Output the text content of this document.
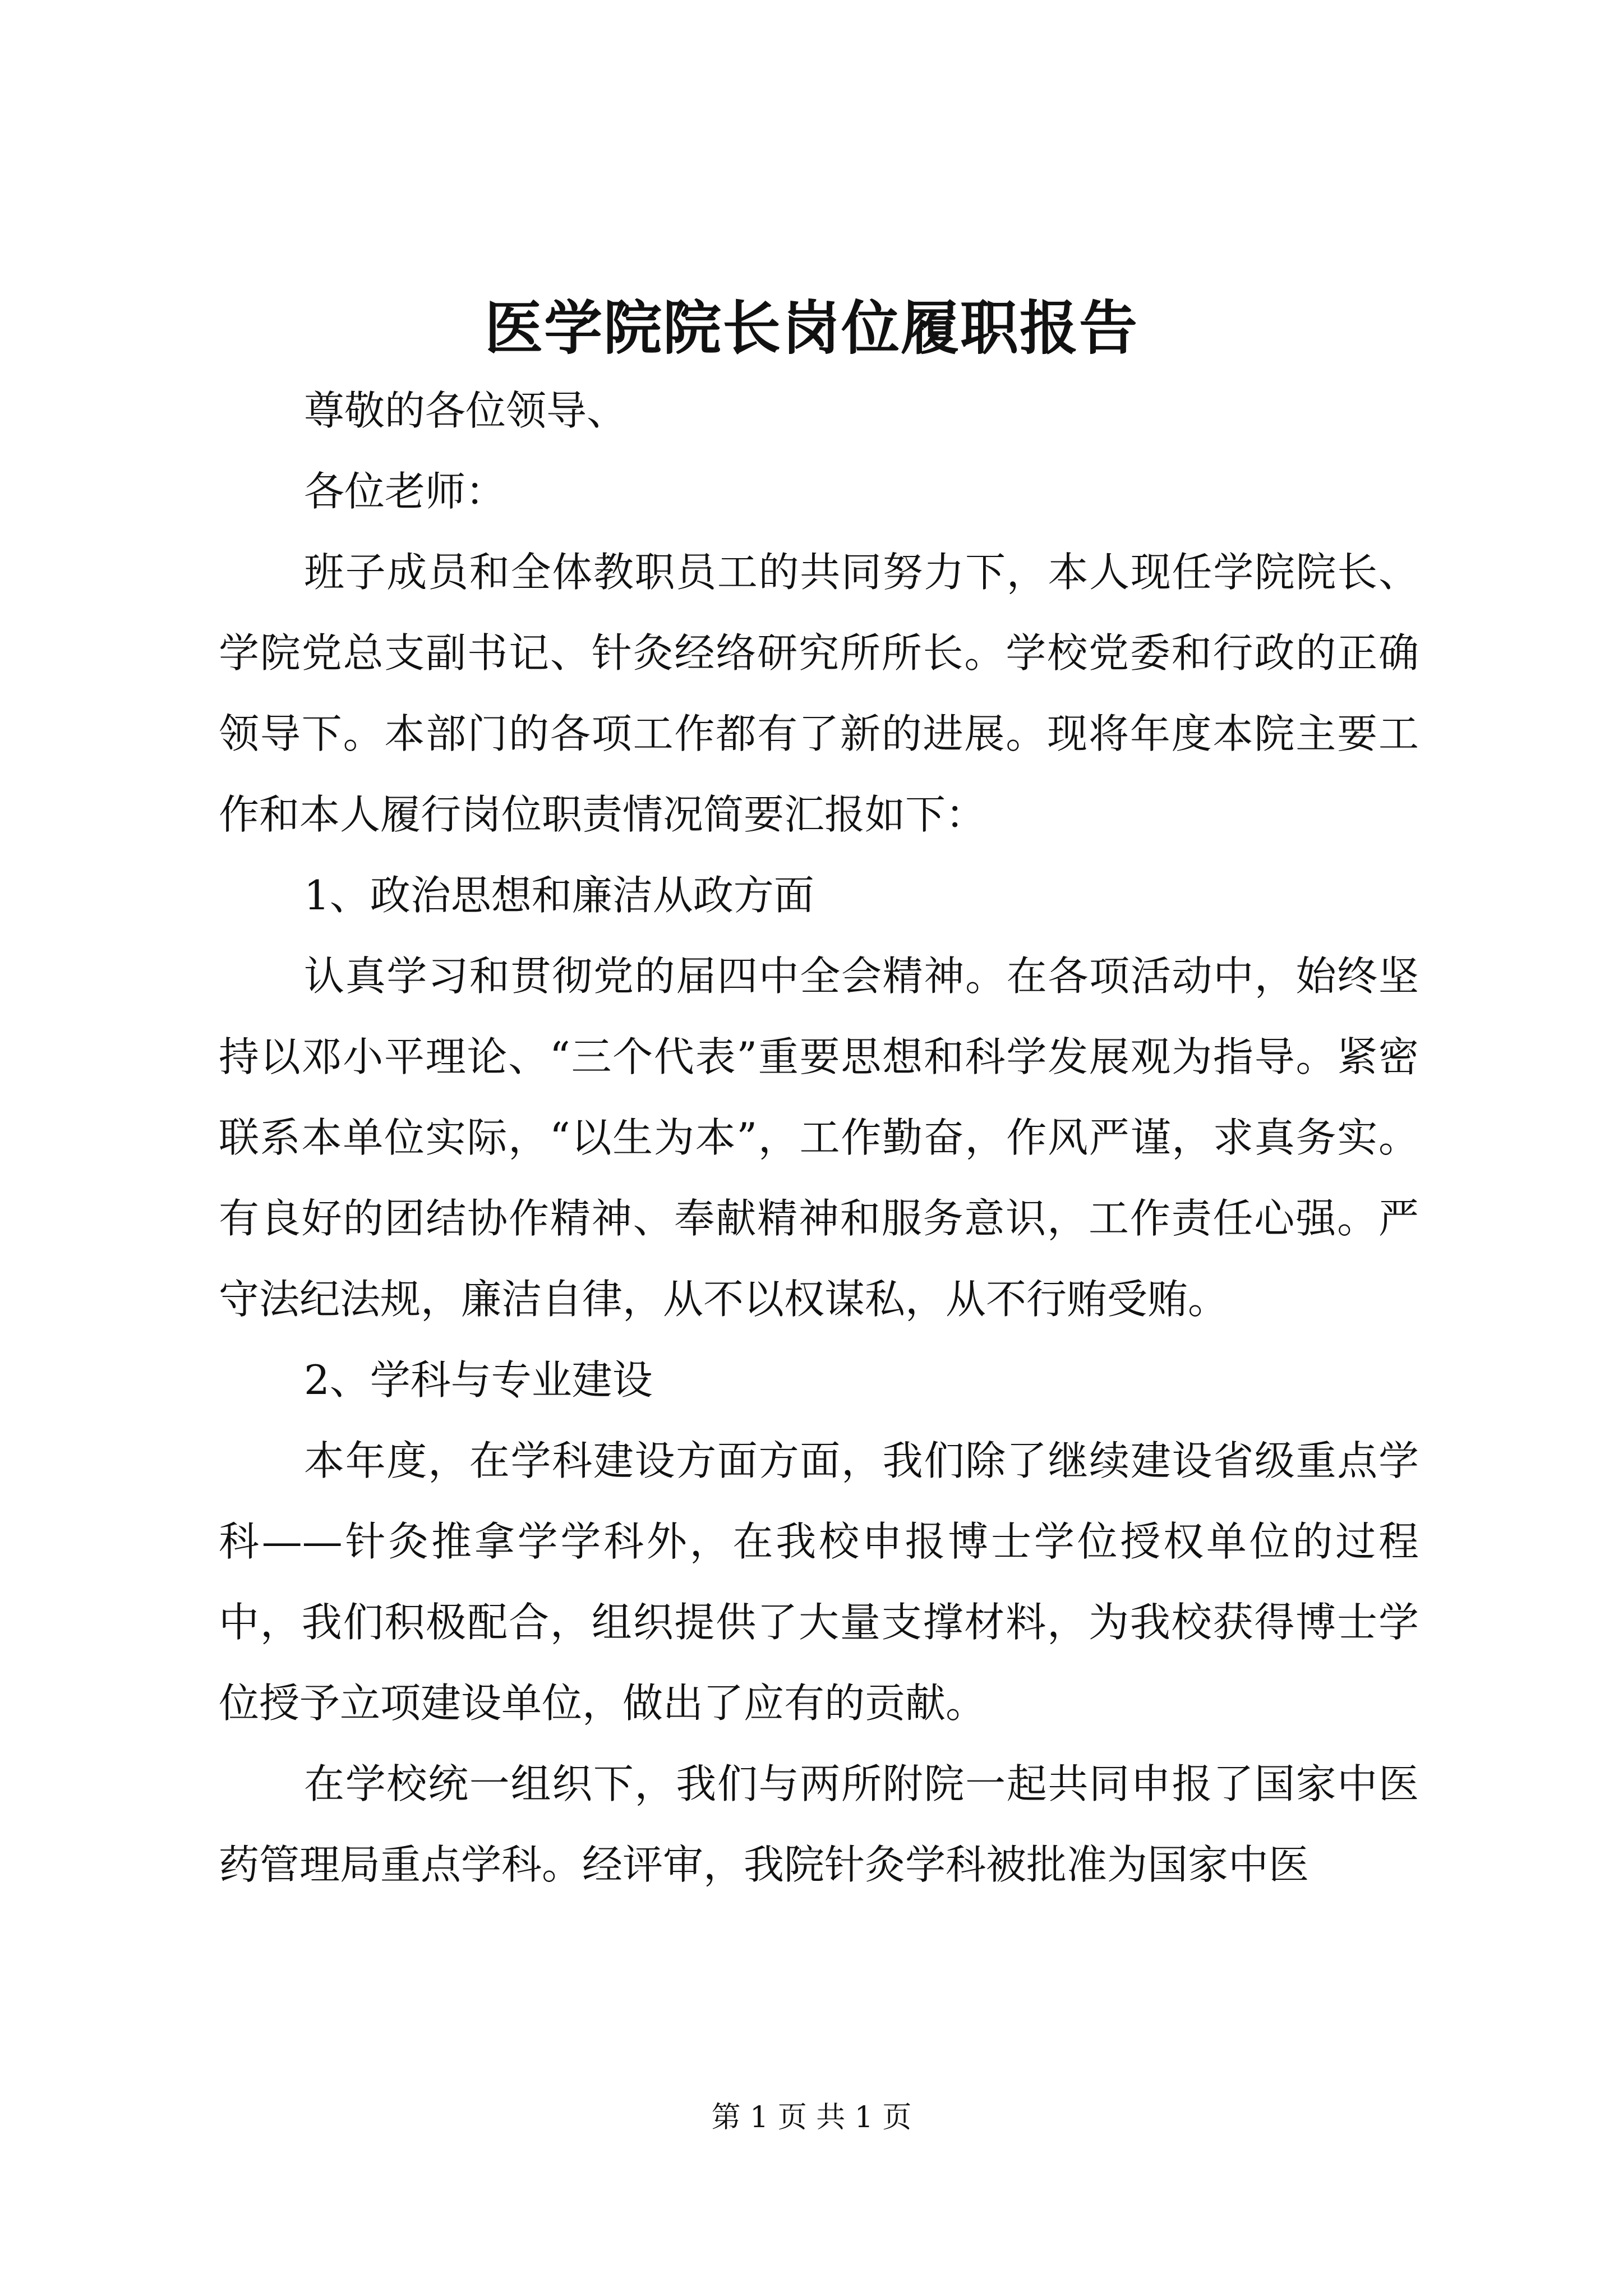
医学院院长岗位履职报告

尊敬的各位领导、

各位老师：

班子成员和全体教职员工的共同努力下，本人现任学院院长、学院党总支副书记、针灸经络研究所所长。学校党委和行政的正确领导下。本部门的各项工作都有了新的进展。现将年度本院主要工作和本人履行岗位职责情况简要汇报如下：

1、政治思想和廉洁从政方面

认真学习和贯彻党的届四中全会精神。在各项活动中，始终坚持以邓小平理论、“三个代表”重要思想和科学发展观为指导。紧密联系本单位实际，“以生为本”，工作勤奋，作风严谨，求真务实。有良好的团结协作精神、奉献精神和服务意识，工作责任心强。严守法纪法规，廉洁自律，从不以权谋私，从不行贿受贿。

2、学科与专业建设

本年度，在学科建设方面方面，我们除了继续建设省级重点学科——针灸推拿学学科外，在我校申报博士学位授权单位的过程中，我们积极配合，组织提供了大量支撑材料，为我校获得博士学位授予立项建设单位，做出了应有的贡献。

在学校统一组织下，我们与两所附院一起共同申报了国家中医药管理局重点学科。经评审，我院针灸学科被批准为国家中医

第 1 页 共 1 页
